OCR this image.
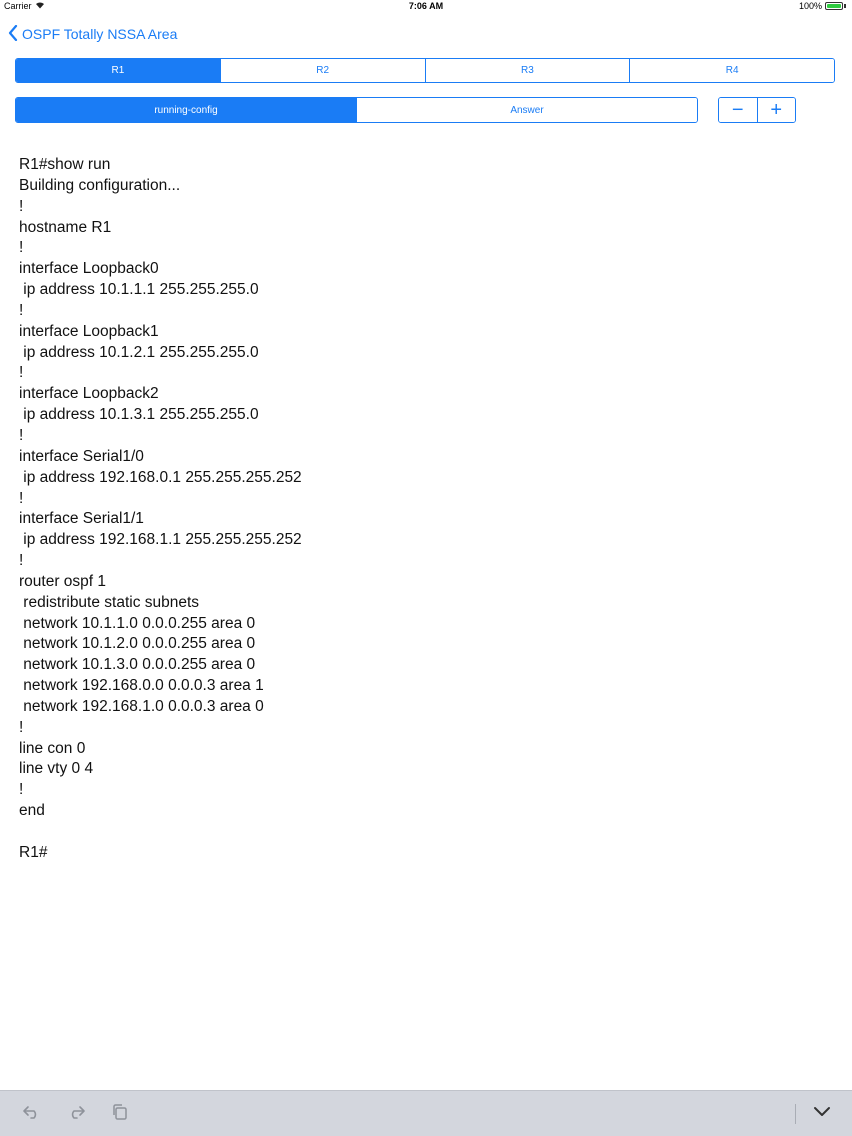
Carrier	7:06 AM	100%
OSPF Totally NSSA Area
R1	R2	R3	R4
running-config	Answer	−	+
R1#show run
Building configuration...
!
hostname R1
!
interface Loopback0
ip address 10.1.1.1 255.255.255.0
!
interface Loopback1
ip address 10.1.2.1 255.255.255.0
!
interface Loopback2
ip address 10.1.3.1 255.255.255.0
!
interface Serial1/0
ip address 192.168.0.1 255.255.255.252
!
interface Serial1/1
ip address 192.168.1.1 255.255.255.252
!
router ospf 1
redistribute static subnets
network 10.1.1.0 0.0.0.255 area 0
network 10.1.2.0 0.0.0.255 area 0
network 10.1.3.0 0.0.0.255 area 0
network 192.168.0.0 0.0.0.3 area 1
network 192.168.1.0 0.0.0.3 area 0
!
line con 0
line vty 0 4
!
end
R1#
